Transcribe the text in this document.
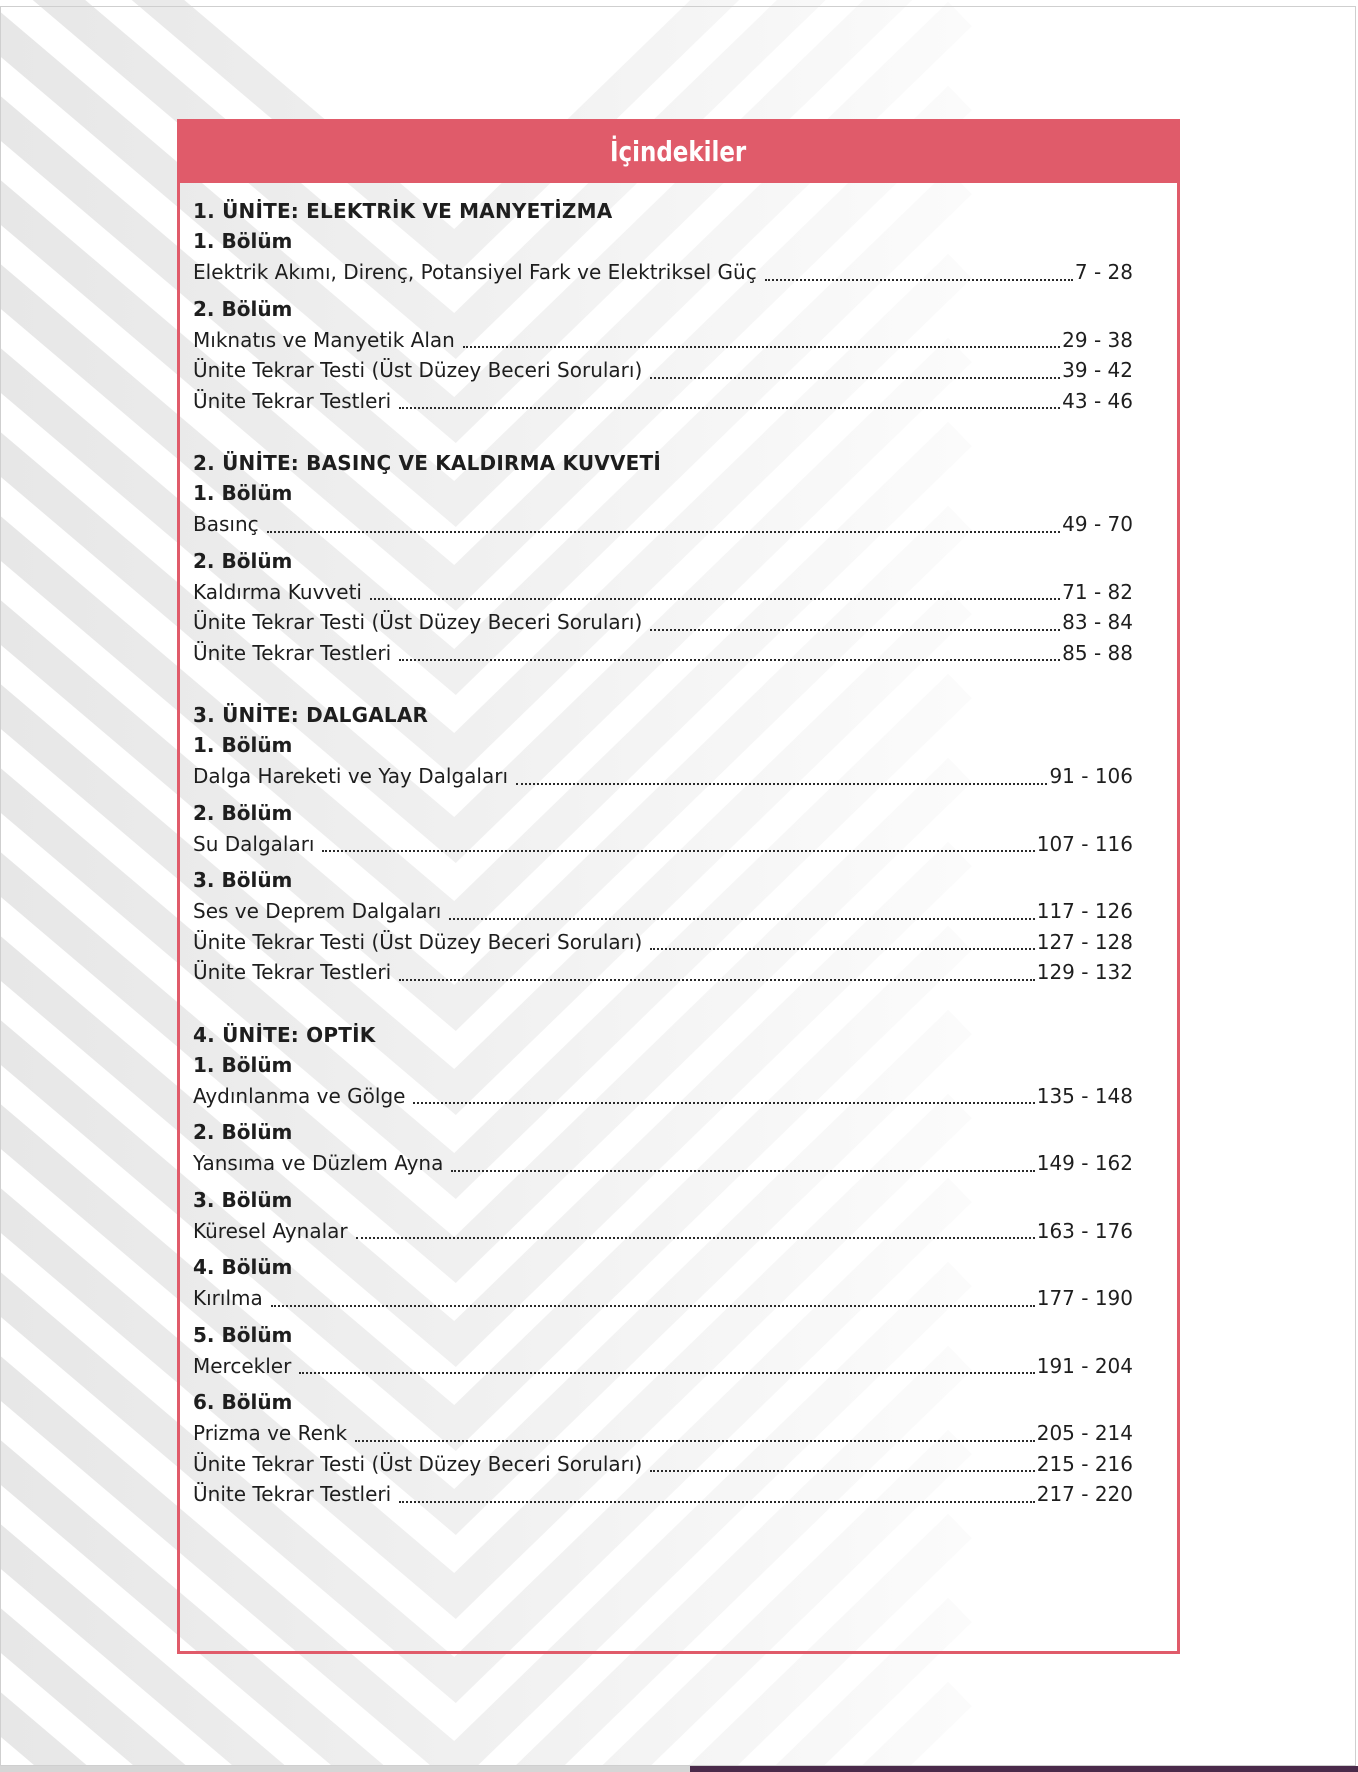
İçindekiler
1. ÜNİTE: ELEKTRİK VE MANYETİZMA
1. Bölüm
Elektrik Akımı, Direnç, Potansiyel Fark ve Elektriksel Güç	7 - 28
2. Bölüm
Mıknatıs ve Manyetik Alan	29 - 38
Ünite Tekrar Testi (Üst Düzey Beceri Soruları)	39 - 42
Ünite Tekrar Testleri	43 - 46
2. ÜNİTE: BASINÇ VE KALDIRMA KUVVETİ
1. Bölüm
Basınç	49 - 70
2. Bölüm
Kaldırma Kuvveti	71 - 82
Ünite Tekrar Testi (Üst Düzey Beceri Soruları)	83 - 84
Ünite Tekrar Testleri	85 - 88
3. ÜNİTE: DALGALAR
1. Bölüm
Dalga Hareketi ve Yay Dalgaları	91 - 106
2. Bölüm
Su Dalgaları	107 - 116
3. Bölüm
Ses ve Deprem Dalgaları	117 - 126
Ünite Tekrar Testi (Üst Düzey Beceri Soruları)	127 - 128
Ünite Tekrar Testleri	129 - 132
4. ÜNİTE: OPTİK
1. Bölüm
Aydınlanma ve Gölge	135 - 148
2. Bölüm
Yansıma ve Düzlem Ayna	149 - 162
3. Bölüm
Küresel Aynalar	163 - 176
4. Bölüm
Kırılma	177 - 190
5. Bölüm
Mercekler	191 - 204
6. Bölüm
Prizma ve Renk	205 - 214
Ünite Tekrar Testi (Üst Düzey Beceri Soruları)	215 - 216
Ünite Tekrar Testleri	217 - 220
